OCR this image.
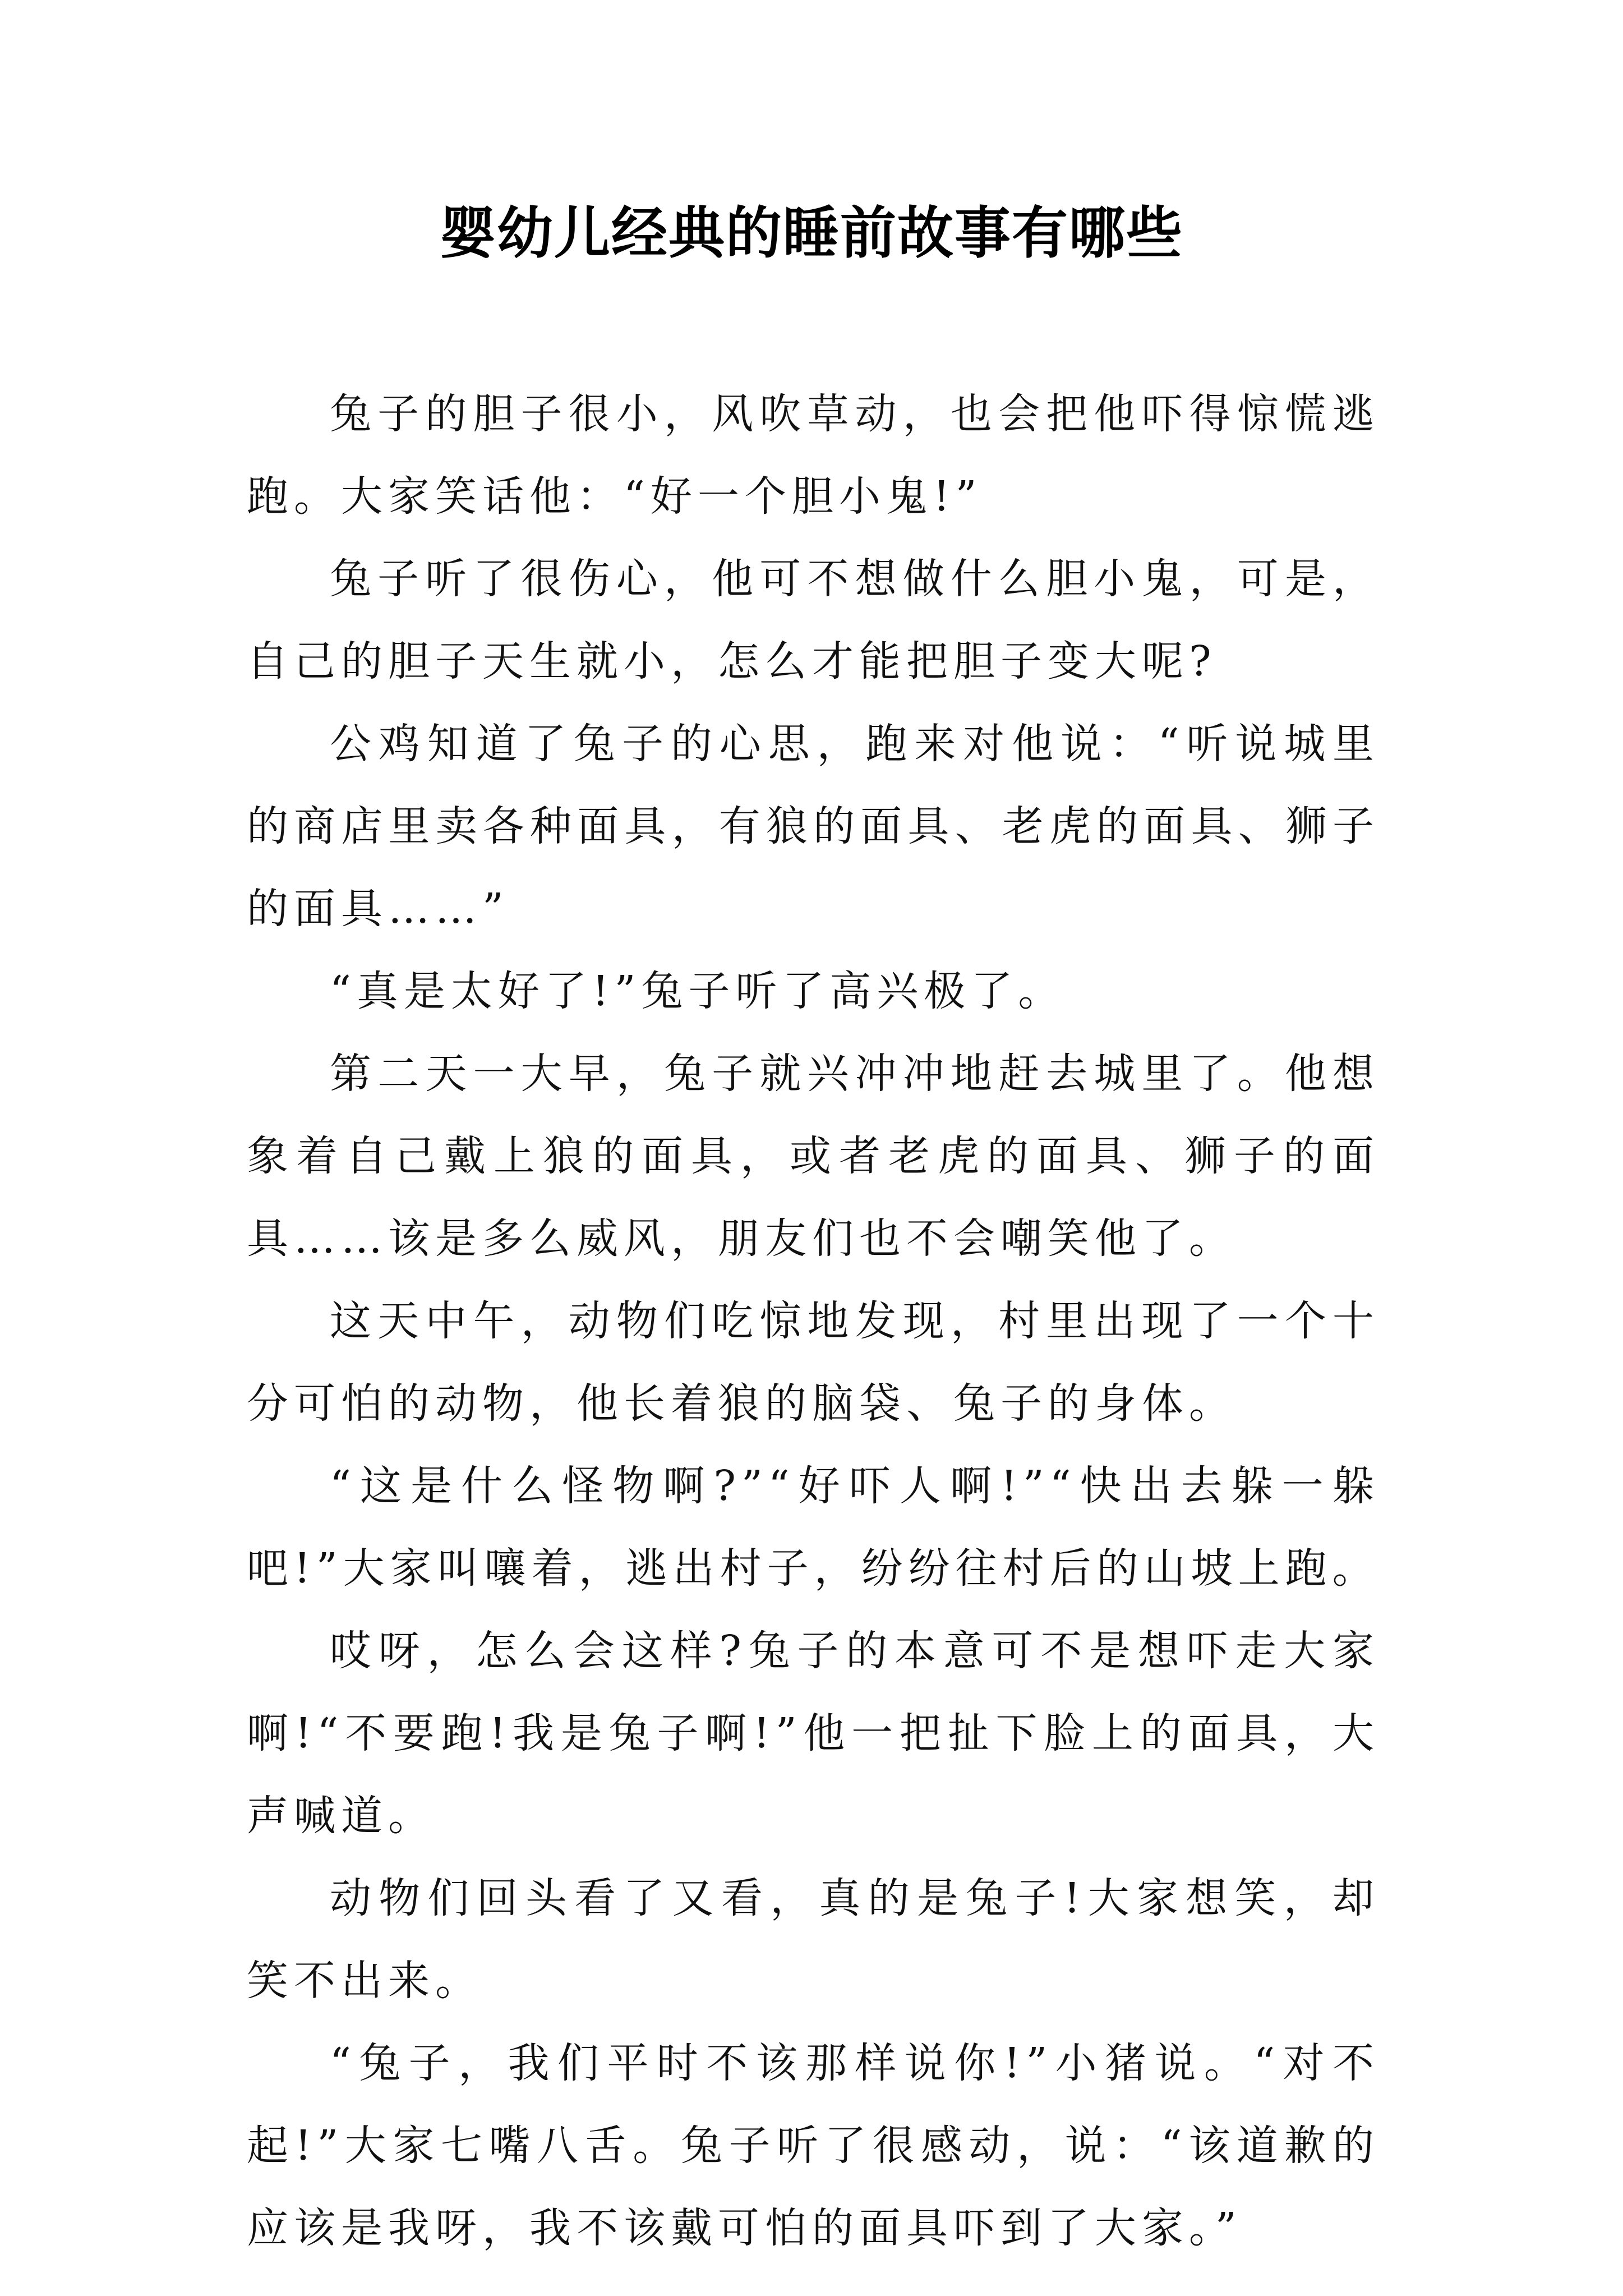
婴幼儿经典的睡前故事有哪些

兔子的胆子很小，风吹草动，也会把他吓得惊慌逃跑。大家笑话他：“好一个胆小鬼!”

兔子听了很伤心，他可不想做什么胆小鬼，可是，自己的胆子天生就小，怎么才能把胆子变大呢?

公鸡知道了兔子的心思，跑来对他说：“听说城里的商店里卖各种面具，有狼的面具、老虎的面具、狮子的面具……”

“真是太好了!”兔子听了高兴极了。

第二天一大早，兔子就兴冲冲地赶去城里了。他想象着自己戴上狼的面具，或者老虎的面具、狮子的面具……该是多么威风，朋友们也不会嘲笑他了。

这天中午，动物们吃惊地发现，村里出现了一个十分可怕的动物，他长着狼的脑袋、兔子的身体。

“这是什么怪物啊?”“好吓人啊!”“快出去躲一躲吧!”大家叫嚷着，逃出村子，纷纷往村后的山坡上跑。

哎呀，怎么会这样?兔子的本意可不是想吓走大家啊!“不要跑!我是兔子啊!”他一把扯下脸上的面具，大声喊道。

动物们回头看了又看，真的是兔子!大家想笑，却笑不出来。

“兔子，我们平时不该那样说你!”小猪说。“对不起!”大家七嘴八舌。兔子听了很感动，说：“该道歉的应该是我呀，我不该戴可怕的面具吓到了大家。”
